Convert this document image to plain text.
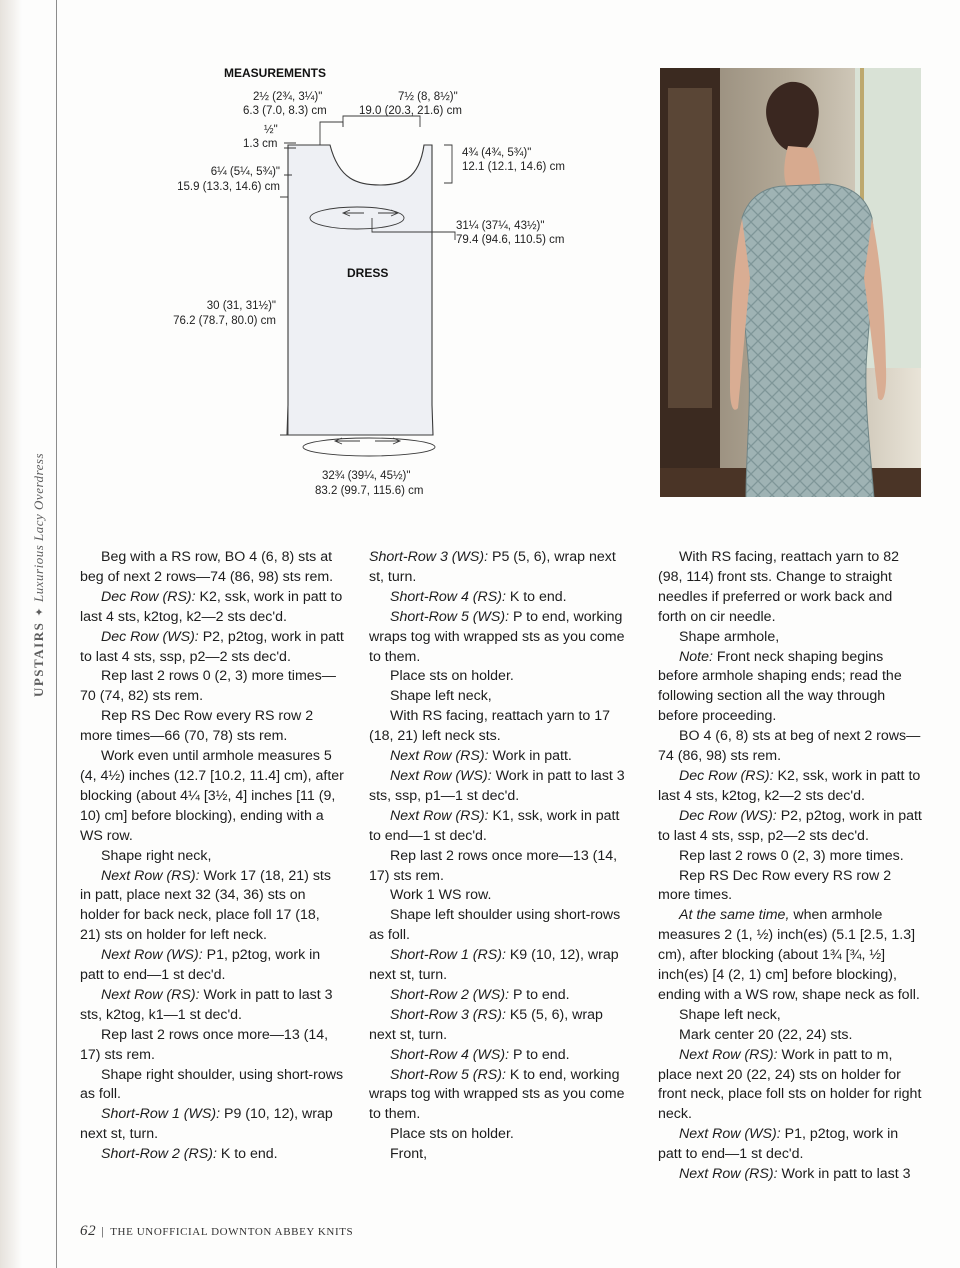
UPSTAIRS✦Luxurious Lacy Overdress
MEASUREMENTS
2½ (2¾, 3¼)"
6.3 (7.0, 8.3) cm
7½ (8, 8½)"
19.0 (20.3, 21.6) cm
½"
1.3 cm
4¾ (4¾, 5¾)"
12.1 (12.1, 14.6) cm
6¼ (5¼, 5¾)"
15.9 (13.3, 14.6) cm
31¼ (37¼, 43½)"
79.4 (94.6, 110.5) cm
DRESS
30 (31, 31½)"
76.2 (78.7, 80.0) cm
32¾ (39¼, 45½)"
83.2 (99.7, 115.6) cm

Beg with a RS row, BO 4 (6, 8) sts at beg of next 2 rows—74 (86, 98) sts rem.

Dec Row (RS): K2, ssk, work in patt to last 4 sts, k2tog, k2—2 sts dec'd.

Dec Row (WS): P2, p2tog, work in patt to last 4 sts, ssp, p2—2 sts dec'd.

Rep last 2 rows 0 (2, 3) more times—70 (74, 82) sts rem.

Rep RS Dec Row every RS row 2 more times—66 (70, 78) sts rem.

Work even until armhole measures 5 (4, 4½) inches (12.7 [10.2, 11.4] cm), after blocking (about 4¼ [3½, 4] inches [11 (9, 10) cm] before blocking), ending with a WS row.

Shape right neck,

Next Row (RS): Work 17 (18, 21) sts in patt, place next 32 (34, 36) sts on holder for back neck, place foll 17 (18, 21) sts on holder for left neck.

Next Row (WS): P1, p2tog, work in patt to end—1 st dec'd.

Next Row (RS): Work in patt to last 3 sts, k2tog, k1—1 st dec'd.

Rep last 2 rows once more—13 (14, 17) sts rem.

Shape right shoulder, using short-rows as foll.

Short-Row 1 (WS): P9 (10, 12), wrap next st, turn.

Short-Row 2 (RS): K to end.

Short-Row 3 (WS): P5 (5, 6), wrap next st, turn.

Short-Row 4 (RS): K to end.

Short-Row 5 (WS): P to end, working wraps tog with wrapped sts as you come to them.

Place sts on holder.

Shape left neck,

With RS facing, reattach yarn to 17 (18, 21) left neck sts.

Next Row (RS): Work in patt.

Next Row (WS): Work in patt to last 3 sts, ssp, p1—1 st dec'd.

Next Row (RS): K1, ssk, work in patt to end—1 st dec'd.

Rep last 2 rows once more—13 (14, 17) sts rem.

Work 1 WS row.

Shape left shoulder using short-rows as foll.

Short-Row 1 (RS): K9 (10, 12), wrap next st, turn.

Short-Row 2 (WS): P to end.

Short-Row 3 (RS): K5 (5, 6), wrap next st, turn.

Short-Row 4 (WS): P to end.

Short-Row 5 (RS): K to end, working wraps tog with wrapped sts as you come to them.

Place sts on holder.

Front,

With RS facing, reattach yarn to 82 (98, 114) front sts. Change to straight needles if preferred or work back and forth on cir needle.

Shape armhole,

Note: Front neck shaping begins before armhole shaping ends; read the following section all the way through before proceeding.

BO 4 (6, 8) sts at beg of next 2 rows—74 (86, 98) sts rem.

Dec Row (RS): K2, ssk, work in patt to last 4 sts, k2tog, k2—2 sts dec'd.

Dec Row (WS): P2, p2tog, work in patt to last 4 sts, ssp, p2—2 sts dec'd.

Rep last 2 rows 0 (2, 3) more times.

Rep RS Dec Row every RS row 2 more times.

At the same time, when armhole measures 2 (1, ½) inch(es) (5.1 [2.5, 1.3] cm), after blocking (about 1¾ [¾, ½] inch(es) [4 (2, 1) cm] before blocking), ending with a WS row, shape neck as foll.

Shape left neck,

Mark center 20 (22, 24) sts.

Next Row (RS): Work in patt to m, place next 20 (22, 24) sts on holder for front neck, place foll sts on holder for right neck.

Next Row (WS): P1, p2tog, work in patt to end—1 st dec'd.

Next Row (RS): Work in patt to last 3

62 | THE UNOFFICIAL DOWNTON ABBEY KNITS
